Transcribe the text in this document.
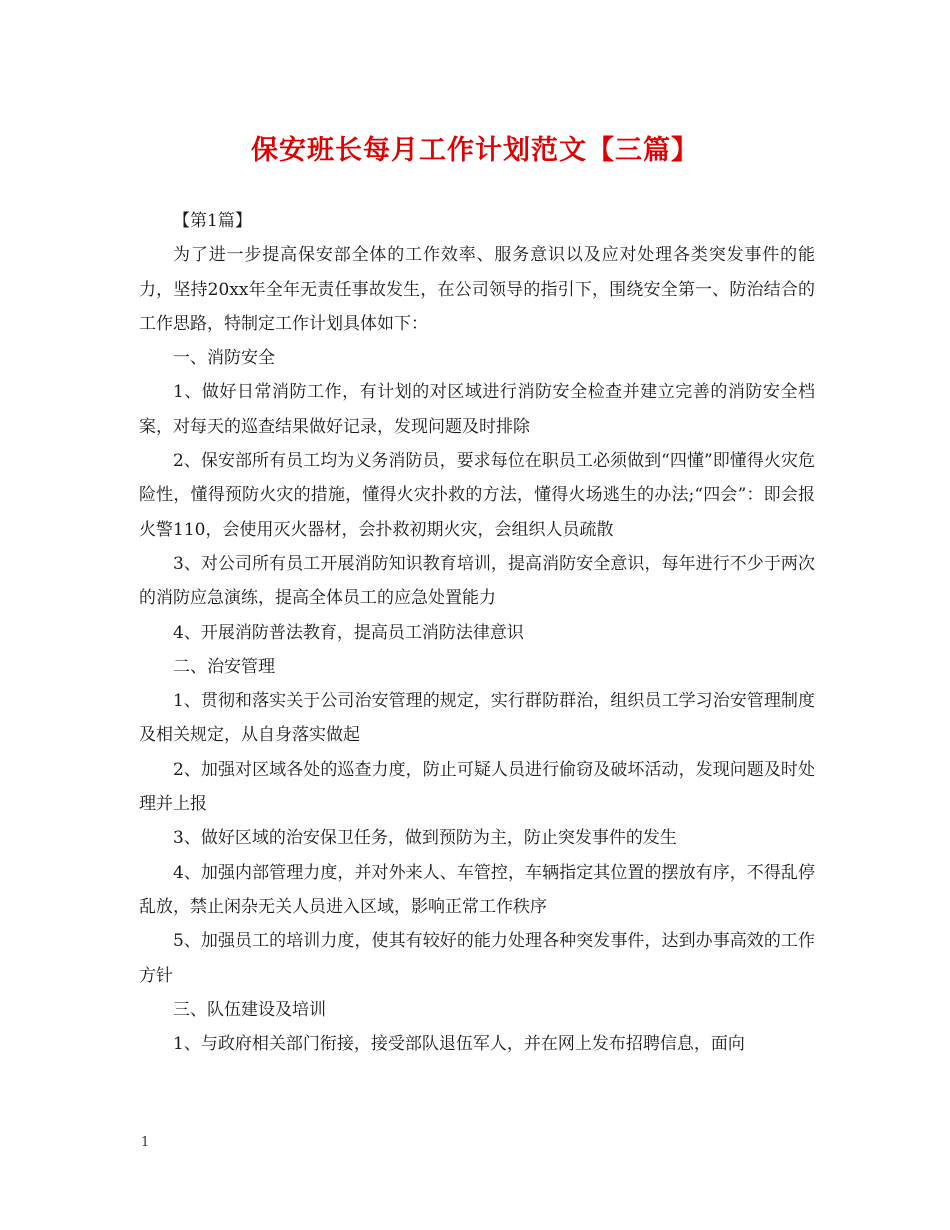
保安班长每月工作计划范文【三篇】

【第1篇】

为了进一步提高保安部全体的工作效率、服务意识以及应对处理各类突发事件的能力，坚持20xx年全年无责任事故发生，在公司领导的指引下，围绕安全第一、防治结合的工作思路，特制定工作计划具体如下：

一、消防安全

1、做好日常消防工作，有计划的对区域进行消防安全检查并建立完善的消防安全档案，对每天的巡查结果做好记录，发现问题及时排除

2、保安部所有员工均为义务消防员，要求每位在职员工必须做到“四懂”即懂得火灾危险性，懂得预防火灾的措施，懂得火灾扑救的方法，懂得火场逃生的办法;“四会”：即会报火警110，会使用灭火器材，会扑救初期火灾，会组织人员疏散

3、对公司所有员工开展消防知识教育培训，提高消防安全意识，每年进行不少于两次的消防应急演练，提高全体员工的应急处置能力

4、开展消防普法教育，提高员工消防法律意识

二、治安管理

1、贯彻和落实关于公司治安管理的规定，实行群防群治，组织员工学习治安管理制度及相关规定，从自身落实做起

2、加强对区域各处的巡查力度，防止可疑人员进行偷窃及破坏活动，发现问题及时处理并上报

3、做好区域的治安保卫任务，做到预防为主，防止突发事件的发生

4、加强内部管理力度，并对外来人、车管控，车辆指定其位置的摆放有序，不得乱停乱放，禁止闲杂无关人员进入区域，影响正常工作秩序

5、加强员工的培训力度，使其有较好的能力处理各种突发事件，达到办事高效的工作方针

三、队伍建设及培训

1、与政府相关部门衔接，接受部队退伍军人，并在网上发布招聘信息，面向

1
